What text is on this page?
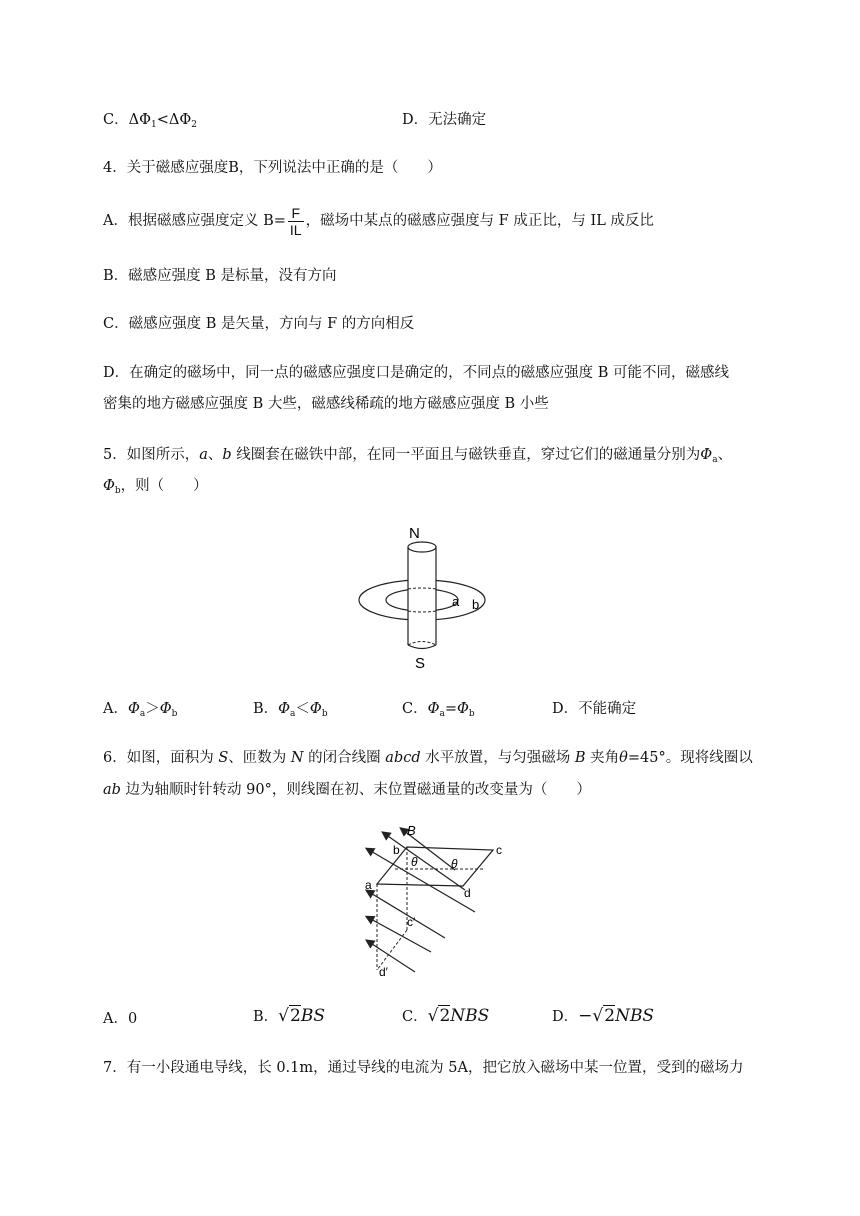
C．$\Delta\Phi_1<\Delta\Phi_2$	D．无法确定
4．关于磁感应强度B，下列说法中正确的是（　　）
A．根据磁感应强度定义 $B= \frac{F}{IL}$ ，磁场中某点的磁感应强度与 F 成正比，与 IL 成反比
B．磁感应强度 B 是标量，没有方向
C．磁感应强度 B 是矢量，方向与 F 的方向相反
D．在确定的磁场中，同一点的磁感应强度口是确定的，不同点的磁感应强度 B 可能不同，磁感线
密集的地方磁感应强度 B 大些，磁感线稀疏的地方磁感应强度 B 小些
5．如图所示，a、b 线圈套在磁铁中部，在同一平面且与磁铁垂直，穿过它们的磁通量分别为$\Phi_a$、
$\Phi_b$，则（　　）
N
S
a b
A．$\Phi_a>\Phi_b$	B．$\Phi_a<\Phi_b$	C．$\Phi_a=\Phi_b$	D．不能确定
6．如图，面积为 S、匝数为 N 的闭合线圈 abcd 水平放置，与匀强磁场 B 夹角θ=45°。现将线圈以
ab 边为轴顺时针转动 90°，则线圈在初、末位置磁通量的改变量为（　　）
B
b	c
a
d
c′
d′
θ	θ
A．0	B．√2BS	C．√2NBS	D．−√2NBS
7．有一小段通电导线，长 0.1m，通过导线的电流为 5A，把它放入磁场中某一位置，受到的磁场力
